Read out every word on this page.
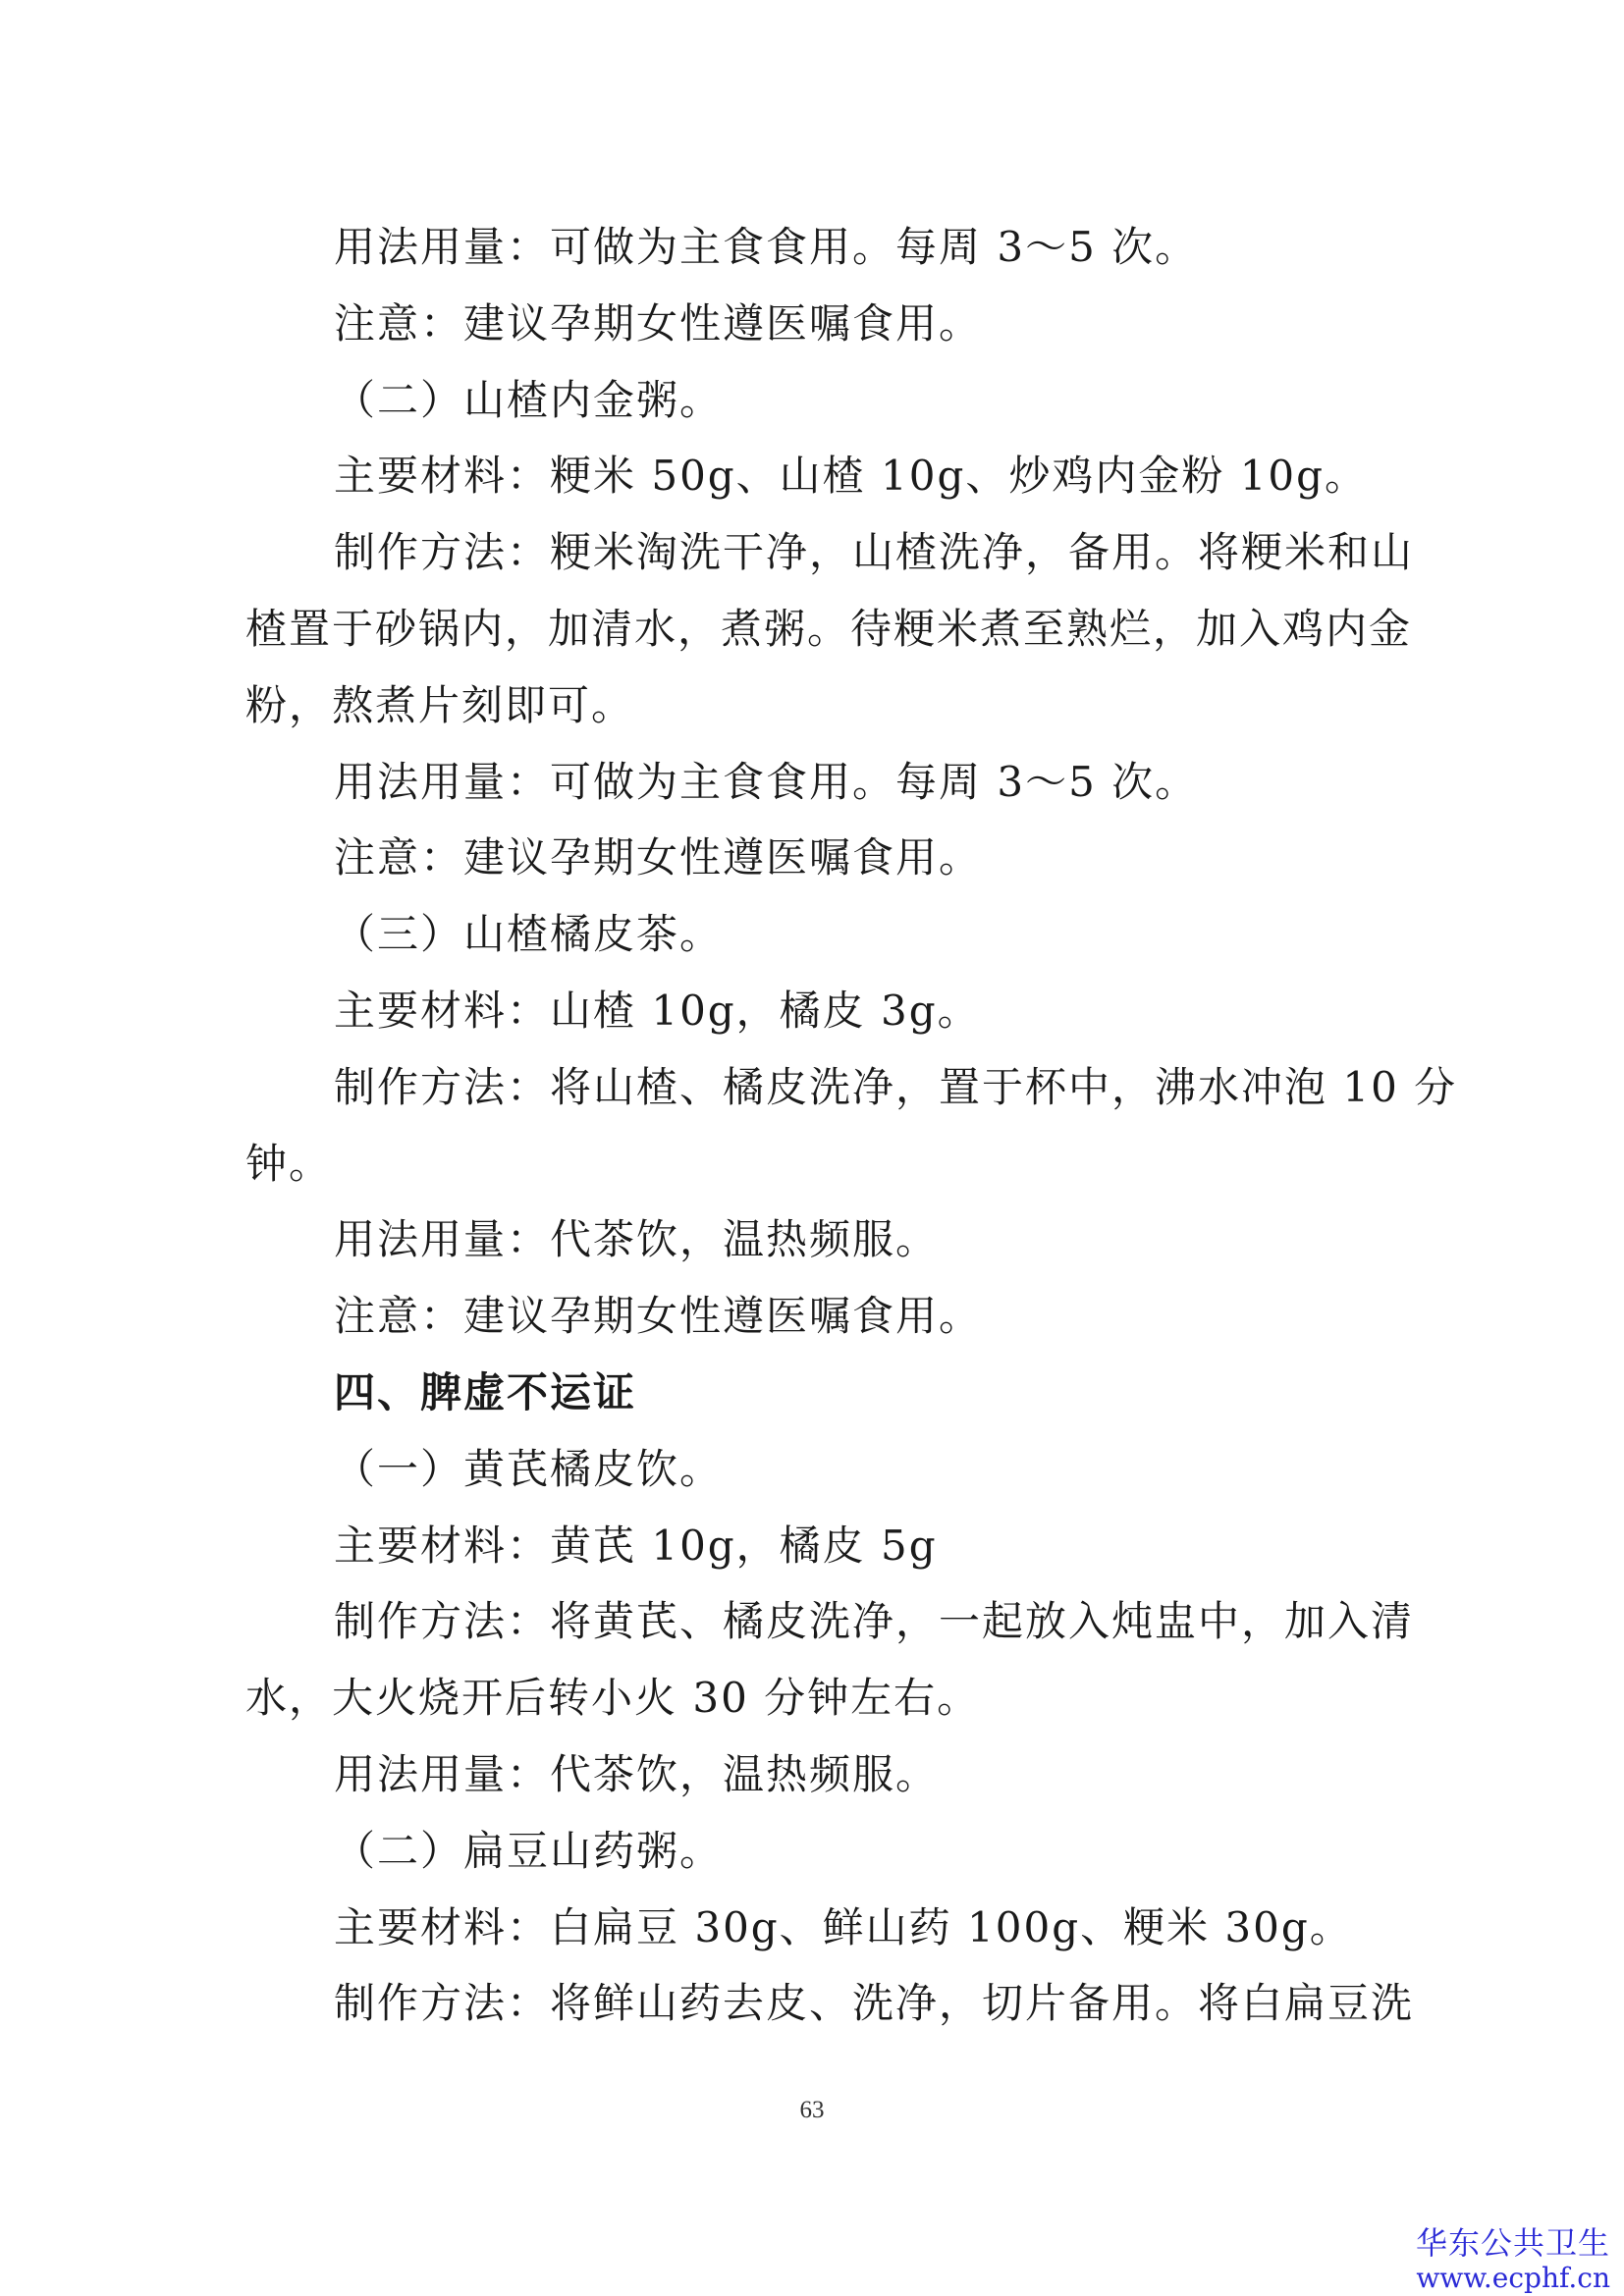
用法用量：可做为主食食用。每周 3～5 次。

注意：建议孕期女性遵医嘱食用。

（二）山楂内金粥。

主要材料：粳米 50g、山楂 10g、炒鸡内金粉 10g。

制作方法：粳米淘洗干净，山楂洗净，备用。将粳米和山

楂置于砂锅内，加清水，煮粥。待粳米煮至熟烂，加入鸡内金

粉，熬煮片刻即可。

用法用量：可做为主食食用。每周 3～5 次。

注意：建议孕期女性遵医嘱食用。

（三）山楂橘皮茶。

主要材料：山楂 10g，橘皮 3g。

制作方法：将山楂、橘皮洗净，置于杯中，沸水冲泡 10 分

钟。

用法用量：代茶饮，温热频服。

注意：建议孕期女性遵医嘱食用。

四、脾虚不运证

（一）黄芪橘皮饮。

主要材料：黄芪 10g，橘皮 5g

制作方法：将黄芪、橘皮洗净，一起放入炖盅中，加入清

水，大火烧开后转小火 30 分钟左右。

用法用量：代茶饮，温热频服。

（二）扁豆山药粥。

主要材料：白扁豆 30g、鲜山药 100g、粳米 30g。

制作方法：将鲜山药去皮、洗净，切片备用。将白扁豆洗

63
华东公共卫生
www.ecphf.cn
